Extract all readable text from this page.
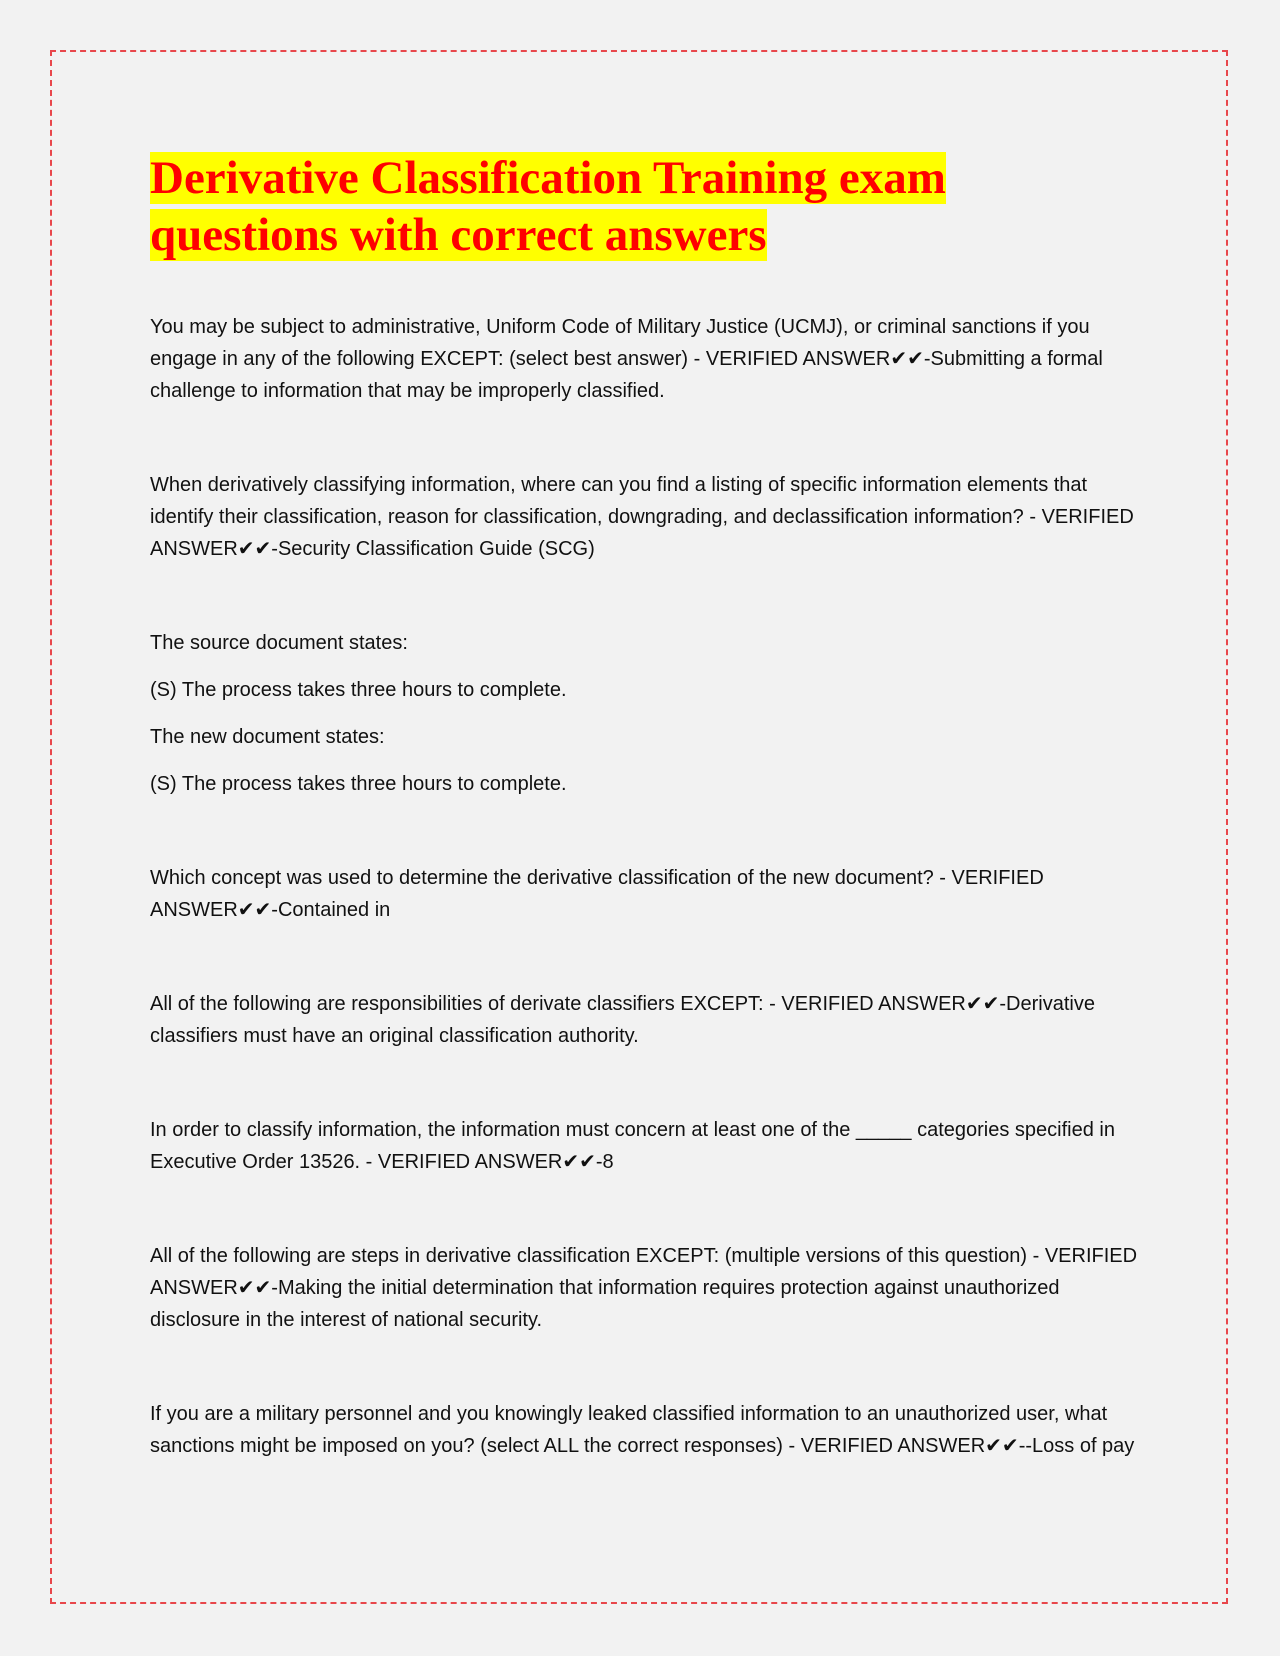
Derivative Classification Training exam questions with correct answers

You may be subject to administrative, Uniform Code of Military Justice (UCMJ), or criminal sanctions if you engage in any of the following EXCEPT: (select best answer) - VERIFIED ANSWER✔✔-Submitting a formal challenge to information that may be improperly classified.

When derivatively classifying information, where can you find a listing of specific information elements that identify their classification, reason for classification, downgrading, and declassification information? - VERIFIED ANSWER✔✔-Security Classification Guide (SCG)

The source document states:

(S) The process takes three hours to complete.

The new document states:

(S) The process takes three hours to complete.

Which concept was used to determine the derivative classification of the new document? - VERIFIED ANSWER✔✔-Contained in

All of the following are responsibilities of derivate classifiers EXCEPT: - VERIFIED ANSWER✔✔-Derivative classifiers must have an original classification authority.

In order to classify information, the information must concern at least one of the _____ categories specified in Executive Order 13526. - VERIFIED ANSWER✔✔-8

All of the following are steps in derivative classification EXCEPT: (multiple versions of this question) - VERIFIED ANSWER✔✔-Making the initial determination that information requires protection against unauthorized disclosure in the interest of national security.

If you are a military personnel and you knowingly leaked classified information to an unauthorized user, what sanctions might be imposed on you? (select ALL the correct responses) - VERIFIED ANSWER✔✔--Loss of pay
